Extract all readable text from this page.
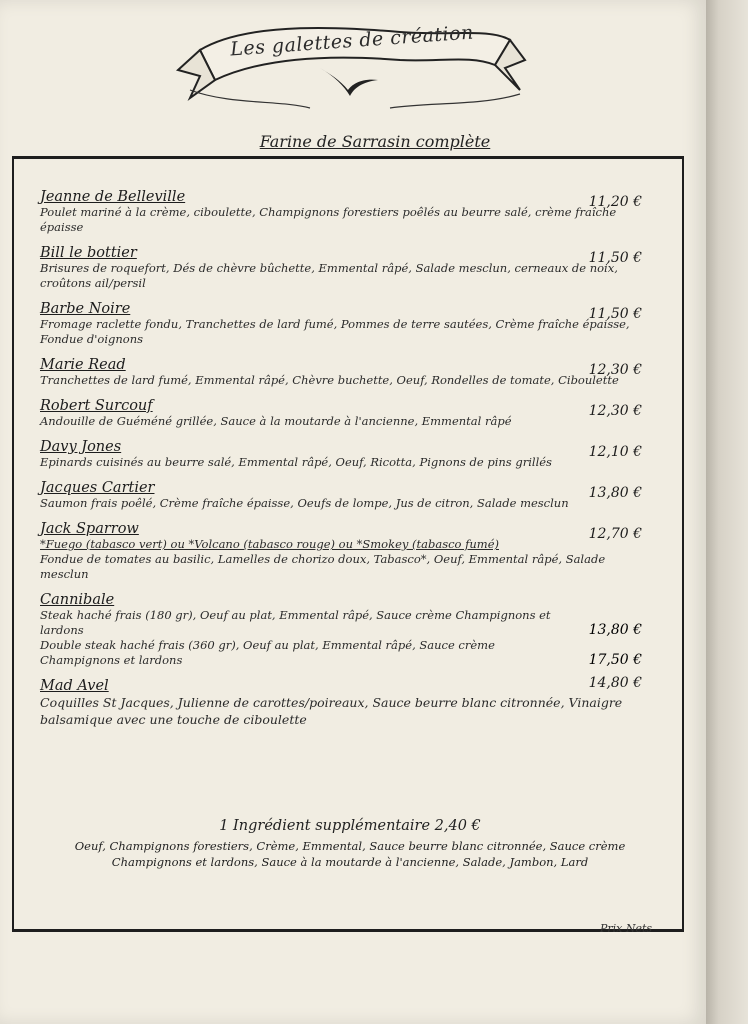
Les galettes de création
Farine de Sarrasin complète
Jeanne de Belleville	11,20 €
Poulet mariné à la crème, ciboulette, Champignons forestiers poêlés au beurre salé, crème fraîche épaisse
Bill le bottier	11,50 €
Brisures de roquefort, Dés de chèvre bûchette, Emmental râpé, Salade mesclun, cerneaux de noix, croûtons ail/persil
Barbe Noire	11,50 €
Fromage raclette fondu, Tranchettes de lard fumé, Pommes de terre sautées, Crème fraîche épaisse, Fondue d'oignons
Marie Read	12,30 €
Tranchettes de lard fumé, Emmental râpé, Chèvre buchette, Oeuf, Rondelles de tomate, Ciboulette
Robert Surcouf	12,30 €
Andouille de Guéméné grillée, Sauce à la moutarde à l'ancienne, Emmental râpé
Davy Jones	12,10 €
Epinards cuisinés au beurre salé, Emmental râpé, Oeuf, Ricotta, Pignons de pins grillés
Jacques Cartier	13,80 €
Saumon frais poêlé, Crème fraîche épaisse, Oeufs de lompe, Jus de citron, Salade mesclun
Jack Sparrow	12,70 €
*Fuego (tabasco vert) ou *Volcano (tabasco rouge) ou *Smokey (tabasco fumé)
Fondue de tomates au basilic, Lamelles de chorizo doux, Tabasco*, Oeuf, Emmental râpé, Salade mesclun
Cannibale
Steak haché frais (180 gr), Oeuf au plat, Emmental râpé, Sauce crème Champignons et lardons	13,80 €
Double steak haché frais (360 gr), Oeuf au plat, Emmental râpé, Sauce crème Champignons et lardons	17,50 €
Mad Avel	14,80 €
Coquilles St Jacques, Julienne de carottes/poireaux, Sauce beurre blanc citronnée, Vinaigre balsamique avec une touche de ciboulette
1 Ingrédient supplémentaire 2,40 €
Oeuf, Champignons forestiers, Crème, Emmental, Sauce beurre blanc citronnée, Sauce crème Champignons et lardons, Sauce à la moutarde à l'ancienne, Salade, Jambon, Lard
Prix Nets
